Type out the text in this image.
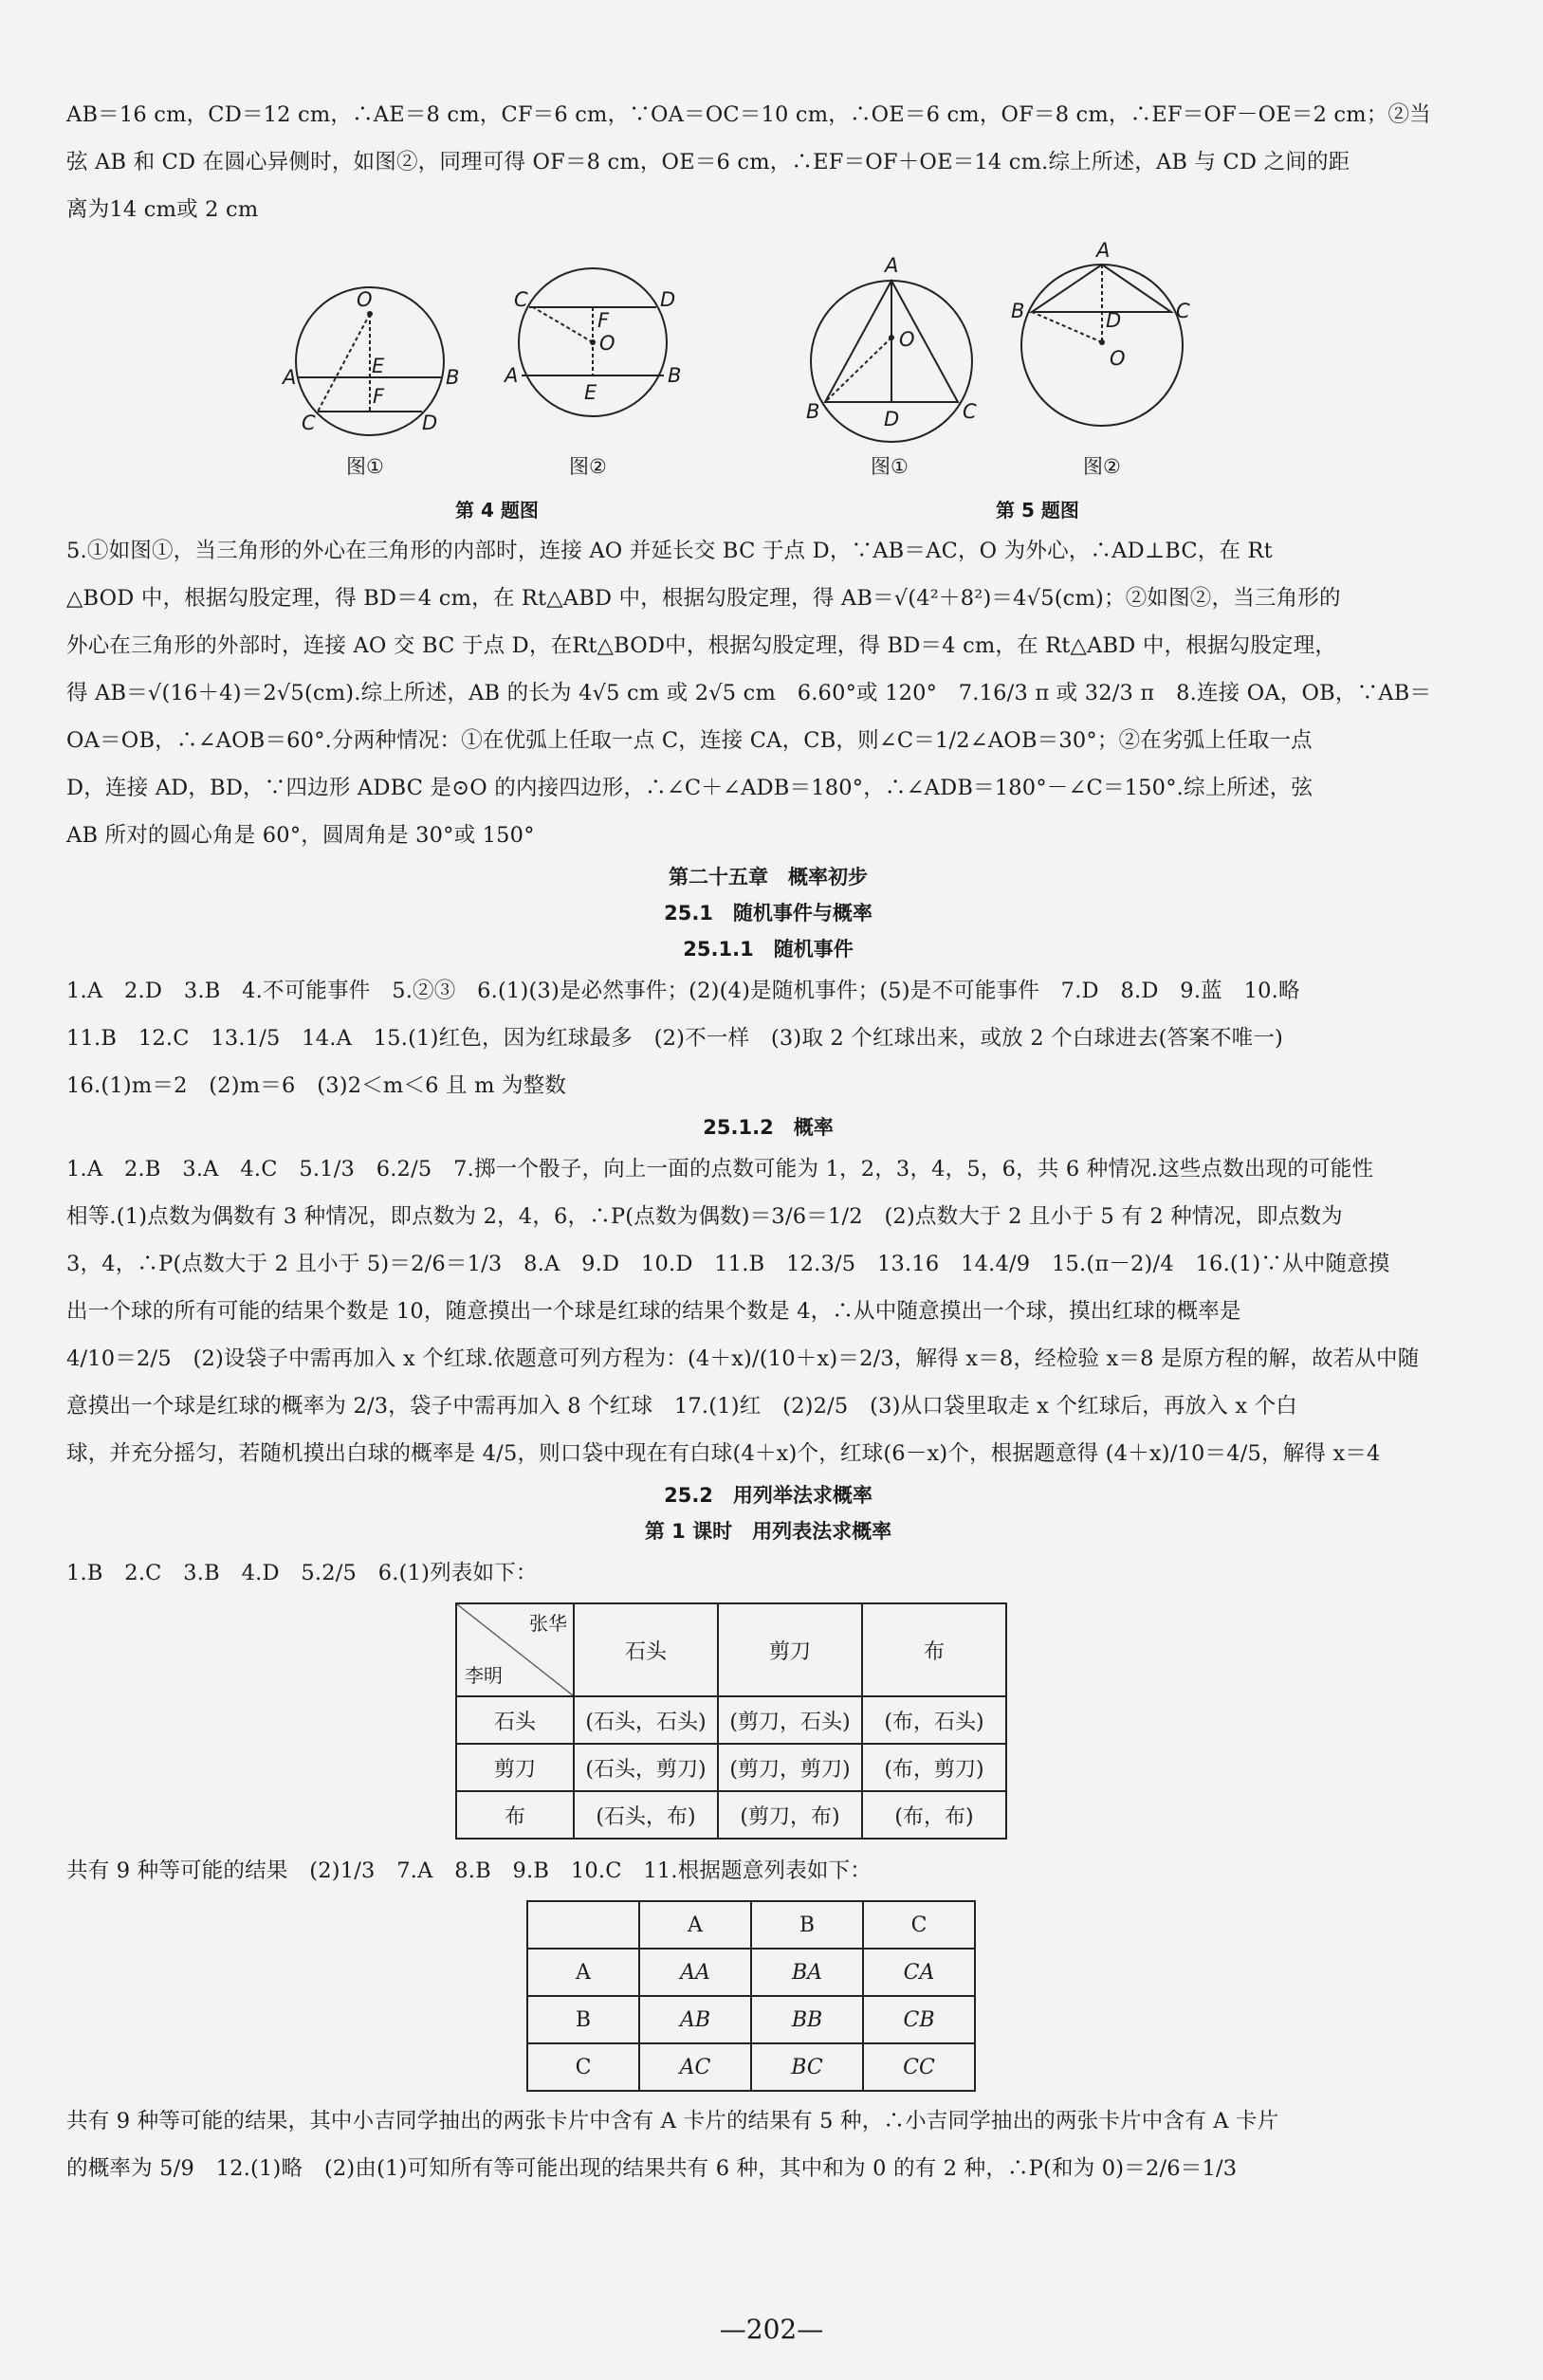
AB＝16 cm，CD＝12 cm，∴AE＝8 cm，CF＝6 cm，∵OA＝OC＝10 cm，∴OE＝6 cm，OF＝8 cm，∴EF＝OF－OE＝2 cm；②当

弦 AB 和 CD 在圆心异侧时，如图②，同理可得 OF＝8 cm，OE＝6 cm，∴EF＝OF＋OE＝14 cm.综上所述，AB 与 CD 之间的距

离为14 cm或 2 cm

O
E
F
A	B
C	D
图①
C	D
F
O
A
E
B
图②
第 4 题图
A
O
B	D	C
图①
A
B	D	C
O
图②
第 5 题图

5.①如图①，当三角形的外心在三角形的内部时，连接 AO 并延长交 BC 于点 D，∵AB＝AC，O 为外心，∴AD⊥BC，在 Rt

△BOD 中，根据勾股定理，得 BD＝4 cm，在 Rt△ABD 中，根据勾股定理，得 AB＝√(4²＋8²)＝4√5(cm)；②如图②，当三角形的

外心在三角形的外部时，连接 AO 交 BC 于点 D，在Rt△BOD中，根据勾股定理，得 BD＝4 cm，在 Rt△ABD 中，根据勾股定理，

得 AB＝√(16＋4)＝2√5(cm).综上所述，AB 的长为 4√5 cm 或 2√5 cm　6.60°或 120°　7.16/3 π 或 32/3 π　8.连接 OA，OB，∵AB＝

OA＝OB，∴∠AOB＝60°.分两种情况：①在优弧上任取一点 C，连接 CA，CB，则∠C＝1/2∠AOB＝30°；②在劣弧上任取一点

D，连接 AD，BD，∵四边形 ADBC 是⊙O 的内接四边形，∴∠C＋∠ADB＝180°，∴∠ADB＝180°－∠C＝150°.综上所述，弦

AB 所对的圆心角是 60°，圆周角是 30°或 150°

第二十五章　概率初步

25.1　随机事件与概率

25.1.1　随机事件

1.A　2.D　3.B　4.不可能事件　5.②③　6.(1)(3)是必然事件；(2)(4)是随机事件；(5)是不可能事件　7.D　8.D　9.蓝　10.略

11.B　12.C　13.1/5　14.A　15.(1)红色，因为红球最多　(2)不一样　(3)取 2 个红球出来，或放 2 个白球进去(答案不唯一)

16.(1)m＝2　(2)m＝6　(3)2＜m＜6 且 m 为整数

25.1.2　概率

1.A　2.B　3.A　4.C　5.1/3　6.2/5　7.掷一个骰子，向上一面的点数可能为 1，2，3，4，5，6，共 6 种情况.这些点数出现的可能性

相等.(1)点数为偶数有 3 种情况，即点数为 2，4，6，∴P(点数为偶数)＝3/6＝1/2　(2)点数大于 2 且小于 5 有 2 种情况，即点数为

3，4，∴P(点数大于 2 且小于 5)＝2/6＝1/3　8.A　9.D　10.D　11.B　12.3/5　13.16　14.4/9　15.(π－2)/4　16.(1)∵从中随意摸

出一个球的所有可能的结果个数是 10，随意摸出一个球是红球的结果个数是 4，∴从中随意摸出一个球，摸出红球的概率是

4/10＝2/5　(2)设袋子中需再加入 x 个红球.依题意可列方程为：(4＋x)/(10＋x)＝2/3，解得 x＝8，经检验 x＝8 是原方程的解，故若从中随

意摸出一个球是红球的概率为 2/3，袋子中需再加入 8 个红球　17.(1)红　(2)2/5　(3)从口袋里取走 x 个红球后，再放入 x 个白

球，并充分摇匀，若随机摸出白球的概率是 4/5，则口袋中现在有白球(4＋x)个，红球(6－x)个，根据题意得 (4＋x)/10＝4/5，解得 x＝4

25.2　用列举法求概率

第 1 课时　用列表法求概率

1.B　2.C　3.B　4.D　5.2/5　6.(1)列表如下：

张华
李明	石头	剪刀	布
石头	(石头，石头)	(剪刀，石头)	(布，石头)
剪刀	(石头，剪刀)	(剪刀，剪刀)	(布，剪刀)
布	(石头，布)	(剪刀，布)	(布，布)

共有 9 种等可能的结果　(2)1/3　7.A　8.B　9.B　10.C　11.根据题意列表如下：

	A	B	C
A	AA	BA	CA
B	AB	BB	CB
C	AC	BC	CC

共有 9 种等可能的结果，其中小吉同学抽出的两张卡片中含有 A 卡片的结果有 5 种，∴小吉同学抽出的两张卡片中含有 A 卡片

的概率为 5/9　12.(1)略　(2)由(1)可知所有等可能出现的结果共有 6 种，其中和为 0 的有 2 种，∴P(和为 0)＝2/6＝1/3

—202—
